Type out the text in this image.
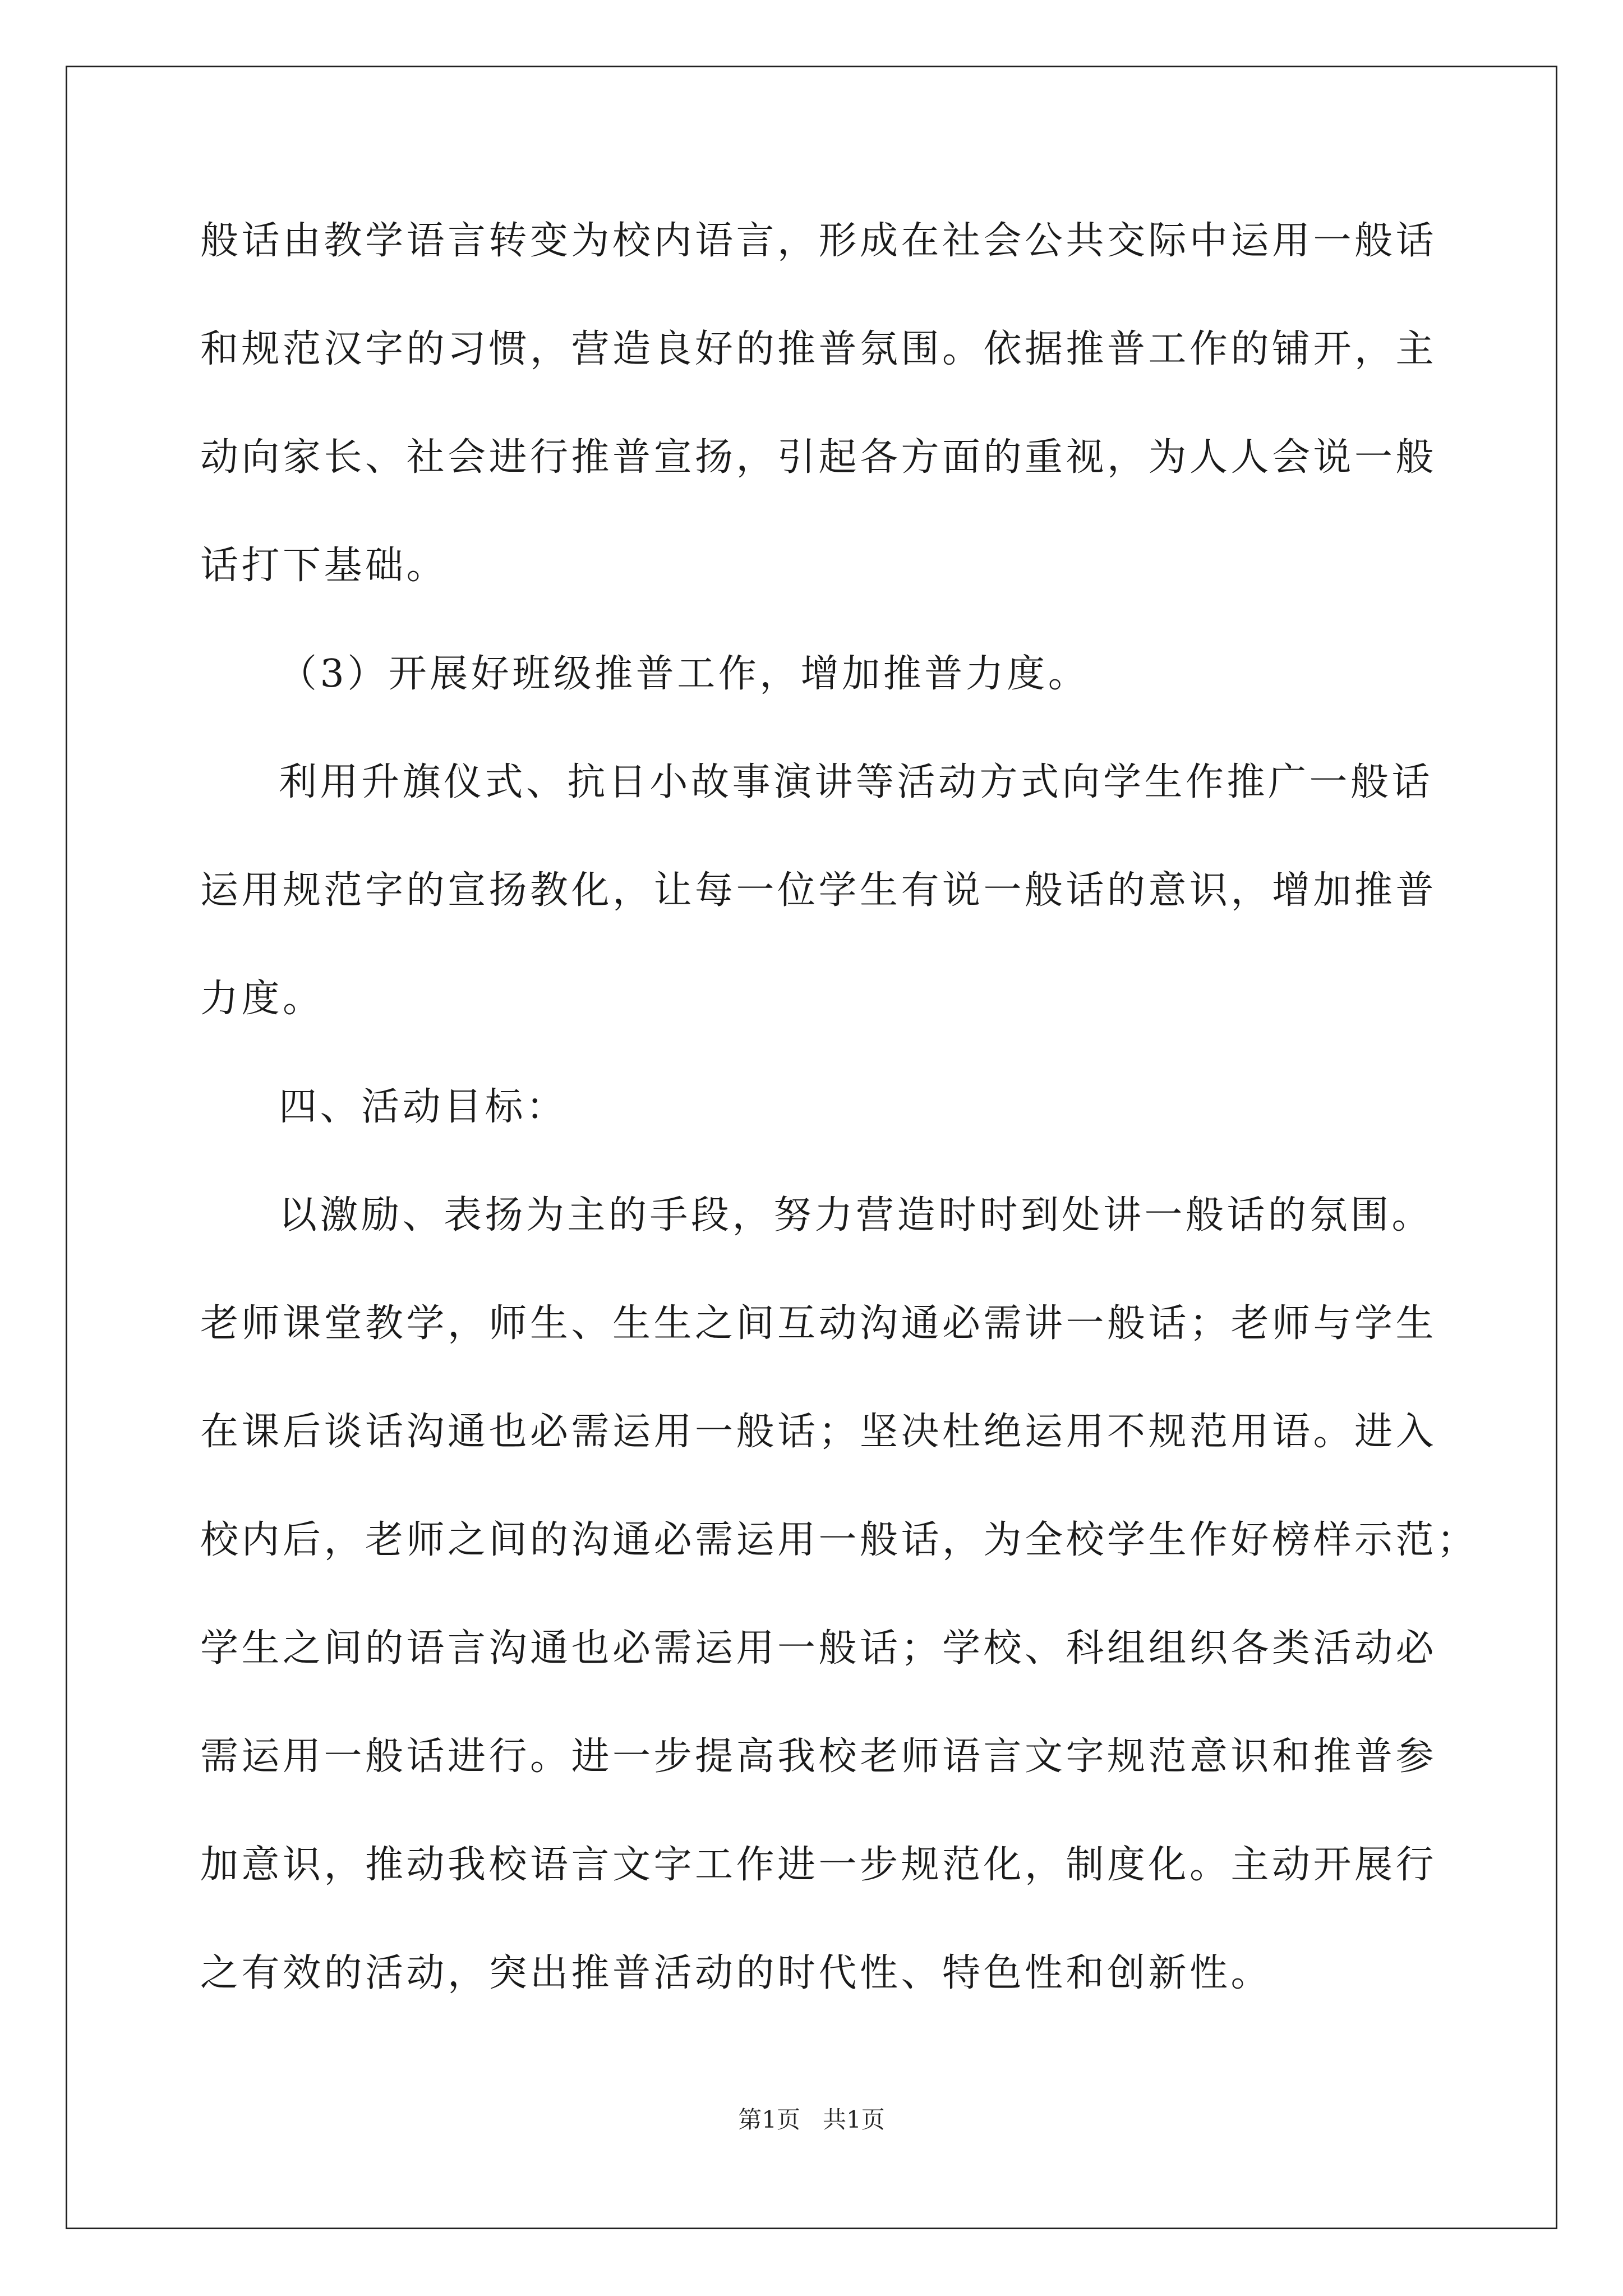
般话由教学语言转变为校内语言，形成在社会公共交际中运用一般话
和规范汉字的习惯，营造良好的推普氛围。依据推普工作的铺开，主
动向家长、社会进行推普宣扬，引起各方面的重视，为人人会说一般
话打下基础。
（3）开展好班级推普工作，增加推普力度。
利用升旗仪式、抗日小故事演讲等活动方式向学生作推广一般话
运用规范字的宣扬教化，让每一位学生有说一般话的意识，增加推普
力度。
四、活动目标：
以激励、表扬为主的手段，努力营造时时到处讲一般话的氛围。
老师课堂教学，师生、生生之间互动沟通必需讲一般话；老师与学生
在课后谈话沟通也必需运用一般话；坚决杜绝运用不规范用语。进入
校内后，老师之间的沟通必需运用一般话，为全校学生作好榜样示范；
学生之间的语言沟通也必需运用一般话；学校、科组组织各类活动必
需运用一般话进行。进一步提高我校老师语言文字规范意识和推普参
加意识，推动我校语言文字工作进一步规范化，制度化。主动开展行
之有效的活动，突出推普活动的时代性、特色性和创新性。
第1页 共1页
